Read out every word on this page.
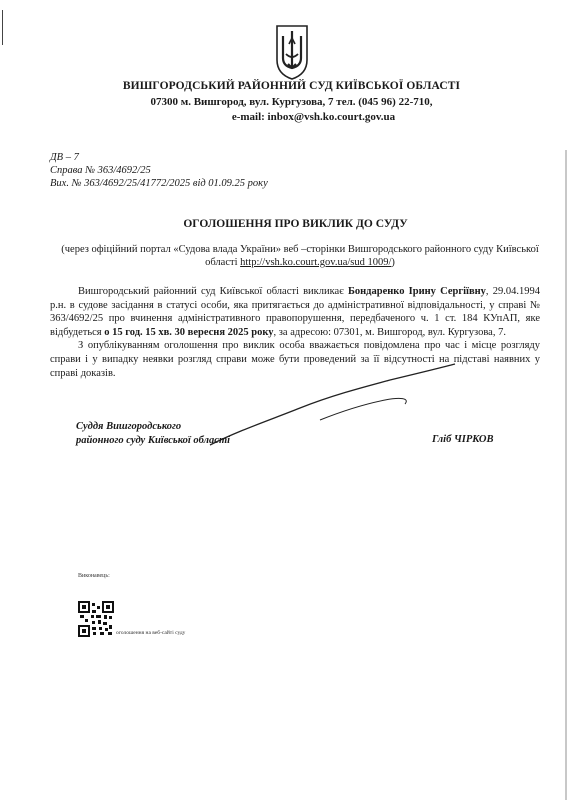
ВИШГОРОДСЬКИЙ РАЙОННИЙ СУД КИЇВСЬКОЇ ОБЛАСТІ
07300 м. Вишгород, вул. Кургузова, 7 тел. (045 96) 22-710,
e-mail: inbox@vsh.ko.court.gov.ua
ДВ – 7
Справа № 363/4692/25
Вих. № 363/4692/25/41772/2025 від 01.09.25 року
ОГОЛОШЕННЯ ПРО ВИКЛИК ДО СУДУ
(через офіційний портал «Судова влада України» веб –сторінки Вишгородського районного суду Київської області http://vsh.ko.court.gov.ua/sud 1009/)

Вишгородський районний суд Київської області викликає Бондаренко Ірину Сергіївну, 29.04.1994 р.н. в судове засідання в статусі особи, яка притягається до адміністративної відповідальності, у справі № 363/4692/25 про вчинення адміністративного правопорушення, передбаченого ч. 1 ст. 184 КУпАП, яке відбудеться о 15 год. 15 хв. 30 вересня 2025 року, за адресою: 07301, м. Вишгород, вул. Кургузова, 7.

З опублікуванням оголошення про виклик особа вважається повідомлена про час і місце розгляду справи і у випадку неявки розгляд справи може бути проведений за її відсутності на підставі наявних у справі доказів.

Суддя Вишгородського
районного суду Київської області	Гліб ЧІРКОВ
Виконавець:
оголошення на веб-сайті суду
